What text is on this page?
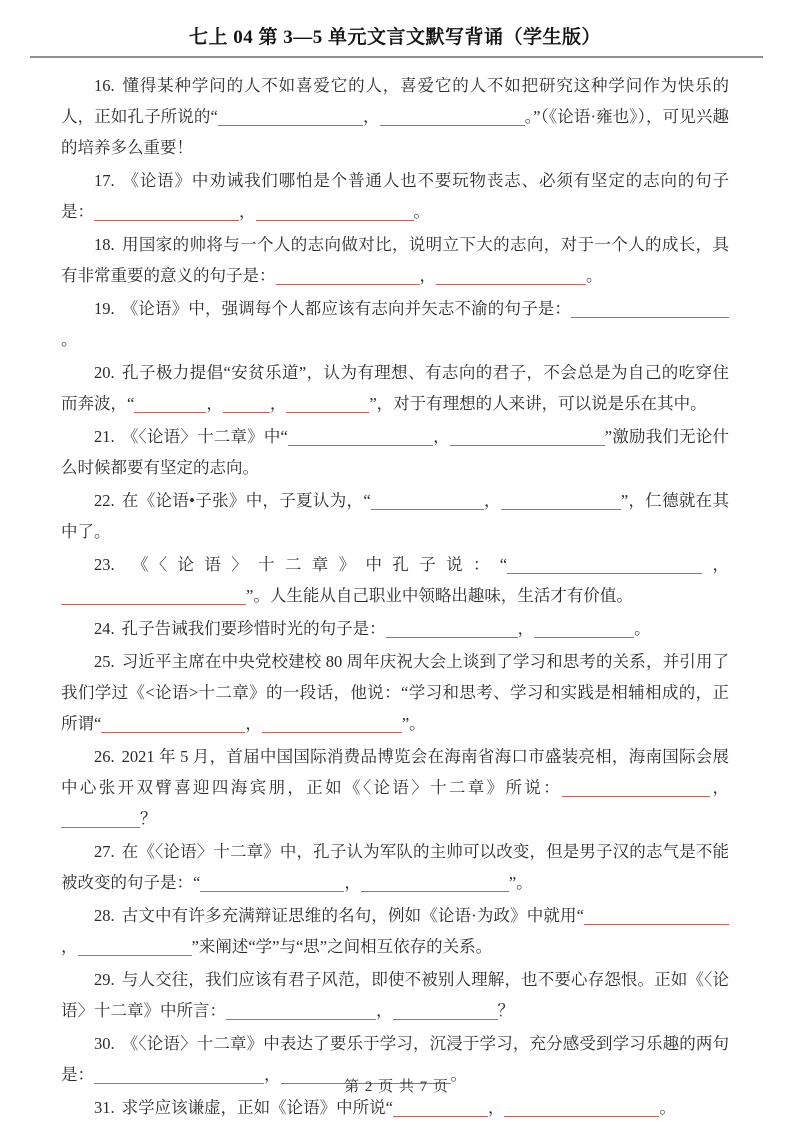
七上 04 第 3—5 单元文言文默写背诵（学生版）

16. 懂得某种学问的人不如喜爱它的人，喜爱它的人不如把研究这种学问作为快乐的人，正如孔子所说的“	，	。”（《论语·雍也》），可见兴趣的培养多么重要！

17. 《论语》中劝诫我们哪怕是个普通人也不要玩物丧志、必须有坚定的志向的句子是：	，	。

18. 用国家的帅将与一个人的志向做对比，说明立下大的志向，对于一个人的成长，具有非常重要的意义的句子是：	，	。

19. 《论语》中，强调每个人都应该有志向并矢志不渝的句子是：。

20. 孔子极力提倡“安贫乐道”，认为有理想、有志向的君子，不会总是为自己的吃穿住而奔波，“	，	，	”，对于有理想的人来讲，可以说是乐在其中。

21. 《〈论语〉十二章》中“	，	”激励我们无论什么时候都要有坚定的志向。

22. 在《论语•子张》中，子夏认为，“	，	”，仁德就在其中了。

23. 《〈论语〉十二章》中孔子说：“	，”。人生能从自己职业中领略出趣味，生活才有价值。

24. 孔子告诫我们要珍惜时光的句子是：	，	。

25. 习近平主席在中央党校建校 80 周年庆祝大会上谈到了学习和思考的关系，并引用了我们学过《<论语>十二章》的一段话，他说：“学习和思考、学习和实践是相辅相成的，正所谓“	，	”。

26. 2021 年 5 月，首届中国国际消费品博览会在海南省海口市盛装亮相，海南国际会展中心张开双臂喜迎四海宾朋，正如《〈论语〉十二章》所说：	，？

27. 在《〈论语〉十二章》中，孔子认为军队的主帅可以改变，但是男子汉的志气是不能被改变的句子是：“	，	”。

28. 古文中有许多充满辩证思维的名句，例如《论语·为政》中就用“，	”来阐述“学”与“思”之间相互依存的关系。

29. 与人交往，我们应该有君子风范，即使不被别人理解，也不要心存怨恨。正如《〈论语〉十二章》中所言：	，	？

30. 《〈论语〉十二章》中表达了要乐于学习，沉浸于学习，充分感受到学习乐趣的两句是：	，	。

31. 求学应该谦虚，正如《论语》中所说“	，	。

第 2 页 共 7 页
